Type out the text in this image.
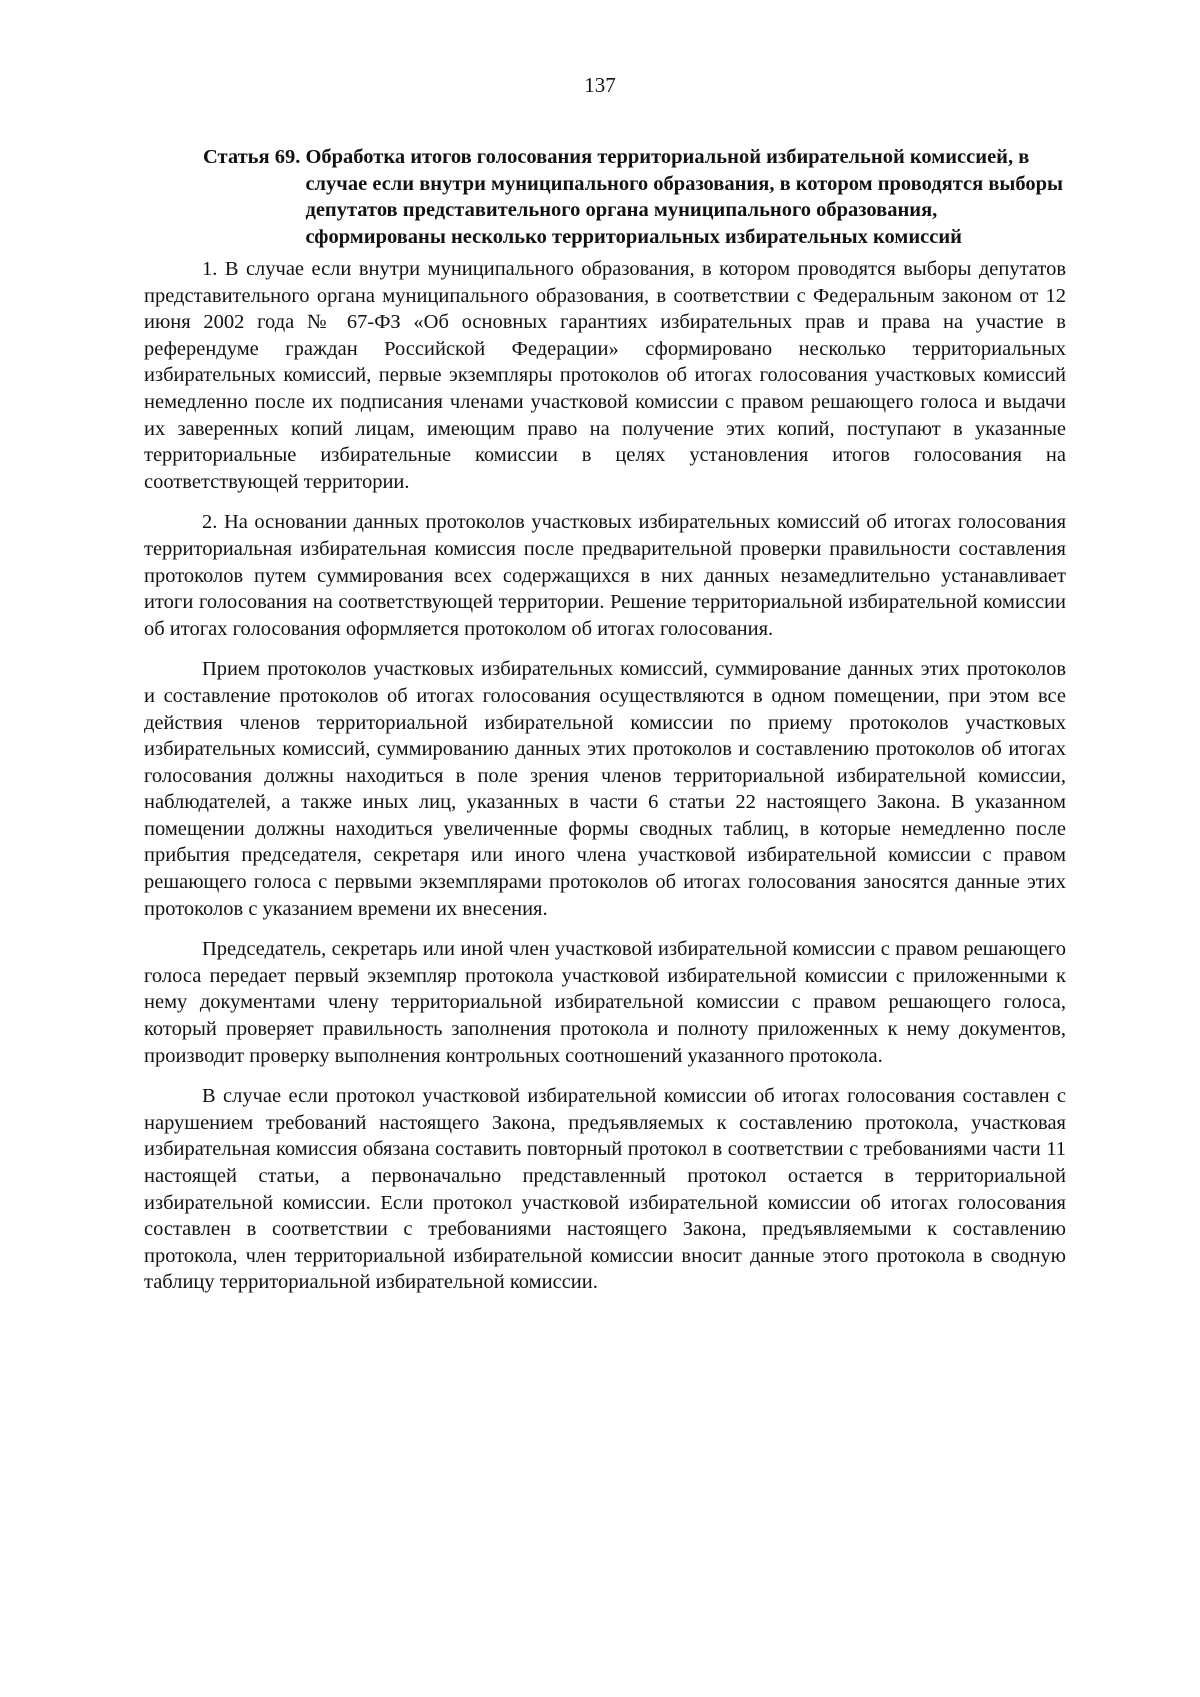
137
Статья 69. Обработка итогов голосования территориальной избирательной комиссией, в случае если внутри муниципального образования, в котором проводятся выборы депутатов представительного органа муниципального образования, сформированы несколько территориальных избирательных комиссий

1. В случае если внутри муниципального образования, в котором проводятся выборы депутатов представительного органа муниципального образования, в соответствии с Федеральным законом от 12 июня 2002 года № 67-ФЗ «Об основных гарантиях избирательных прав и права на участие в референдуме граждан Российской Федерации» сформировано несколько территориальных избирательных комиссий, первые экземпляры протоколов об итогах голосования участковых комиссий немедленно после их подписания членами участковой комиссии с правом решающего голоса и выдачи их заверенных копий лицам, имеющим право на получение этих копий, поступают в указанные территориальные избирательные комиссии в целях установления итогов голосования на соответствующей территории.

2. На основании данных протоколов участковых избирательных комиссий об итогах голосования территориальная избирательная комиссия после предварительной проверки правильности составления протоколов путем суммирования всех содержащихся в них данных незамедлительно устанавливает итоги голосования на соответствующей территории. Решение территориальной избирательной комиссии об итогах голосования оформляется протоколом об итогах голосования.

Прием протоколов участковых избирательных комиссий, суммирование данных этих протоколов и составление протоколов об итогах голосования осуществляются в одном помещении, при этом все действия членов территориальной избирательной комиссии по приему протоколов участковых избирательных комиссий, суммированию данных этих протоколов и составлению протоколов об итогах голосования должны находиться в поле зрения членов территориальной избирательной комиссии, наблюдателей, а также иных лиц, указанных в части 6 статьи 22 настоящего Закона. В указанном помещении должны находиться увеличенные формы сводных таблиц, в которые немедленно после прибытия председателя, секретаря или иного члена участковой избирательной комиссии с правом решающего голоса с первыми экземплярами протоколов об итогах голосования заносятся данные этих протоколов с указанием времени их внесения.

Председатель, секретарь или иной член участковой избирательной комиссии с правом решающего голоса передает первый экземпляр протокола участковой избирательной комиссии с приложенными к нему документами члену территориальной избирательной комиссии с правом решающего голоса, который проверяет правильность заполнения протокола и полноту приложенных к нему документов, производит проверку выполнения контрольных соотношений указанного протокола.

В случае если протокол участковой избирательной комиссии об итогах голосования составлен с нарушением требований настоящего Закона, предъявляемых к составлению протокола, участковая избирательная комиссия обязана составить повторный протокол в соответствии с требованиями части 11 настоящей статьи, а первоначально представленный протокол остается в территориальной избирательной комиссии. Если протокол участковой избирательной комиссии об итогах голосования составлен в соответствии с требованиями настоящего Закона, предъявляемыми к составлению протокола, член территориальной избирательной комиссии вносит данные этого протокола в сводную таблицу территориальной избирательной комиссии.
